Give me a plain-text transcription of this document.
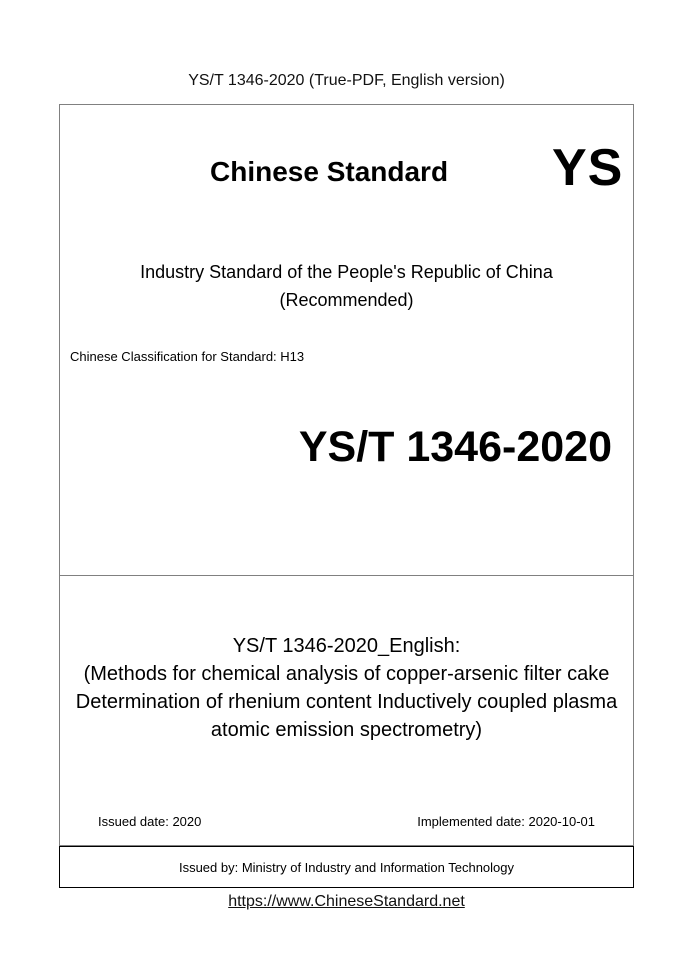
YS/T 1346-2020 (True-PDF, English version)
Chinese Standard YS
Industry Standard of the People's Republic of China
(Recommended)
Chinese Classification for Standard: H13
YS/T 1346-2020
YS/T 1346-2020_English:
(Methods for chemical analysis of copper-arsenic filter cake
Determination of rhenium content Inductively coupled plasma
atomic emission spectrometry)
Issued date: 2020	Implemented date: 2020-10-01
Issued by: Ministry of Industry and Information Technology
https://www.ChineseStandard.net
